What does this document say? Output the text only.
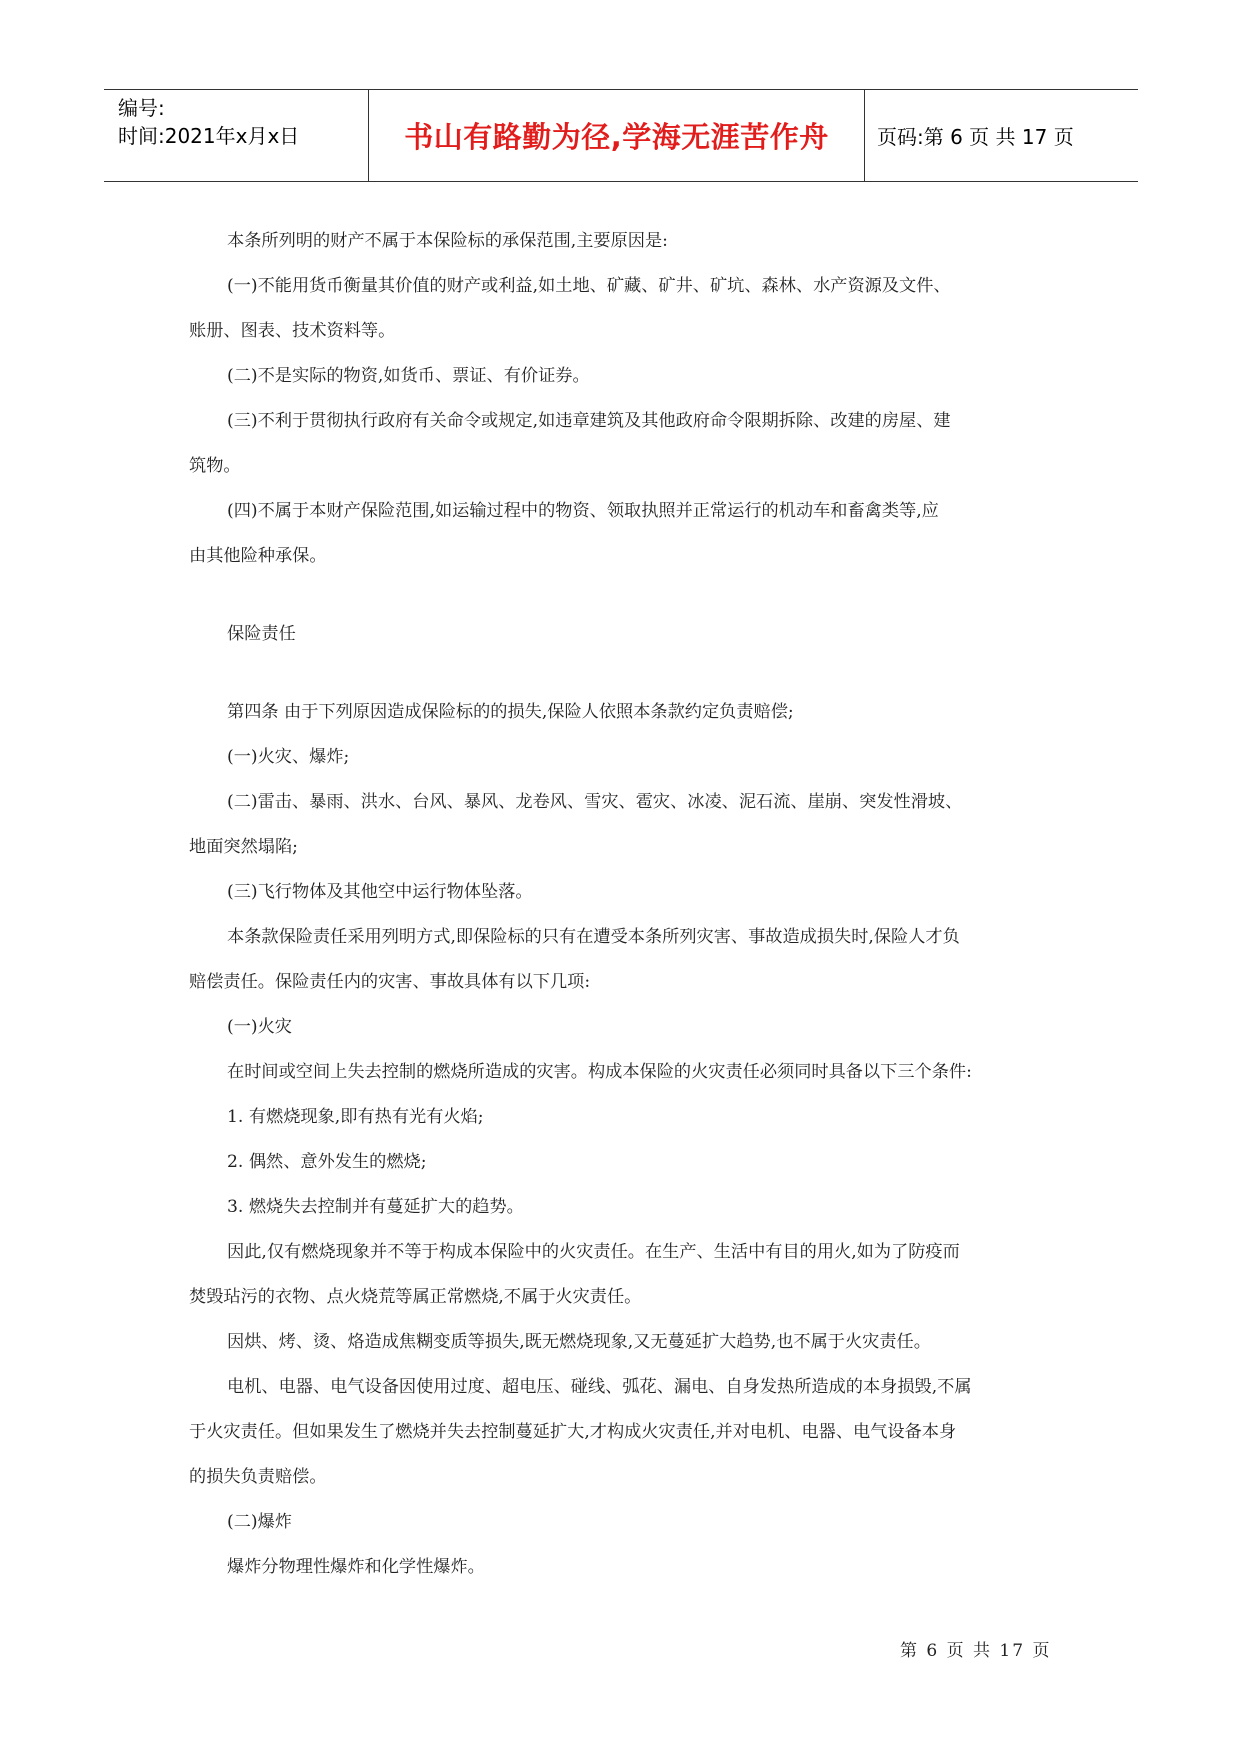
编号:
时间:2021年x月x日	书山有路勤为径,学海无涯苦作舟	页码:第 6 页 共 17 页

本条所列明的财产不属于本保险标的承保范围,主要原因是:

(一)不能用货币衡量其价值的财产或利益,如土地、矿藏、矿井、矿坑、森林、水产资源及文件、

账册、图表、技术资料等。

(二)不是实际的物资,如货币、票证、有价证券。

(三)不利于贯彻执行政府有关命令或规定,如违章建筑及其他政府命令限期拆除、改建的房屋、建

筑物。

(四)不属于本财产保险范围,如运输过程中的物资、领取执照并正常运行的机动车和畜禽类等,应

由其他险种承保。

保险责任

第四条 由于下列原因造成保险标的的损失,保险人依照本条款约定负责赔偿;

(一)火灾、爆炸;

(二)雷击、暴雨、洪水、台风、暴风、龙卷风、雪灾、雹灾、冰凌、泥石流、崖崩、突发性滑坡、

地面突然塌陷;

(三)飞行物体及其他空中运行物体坠落。

本条款保险责任采用列明方式,即保险标的只有在遭受本条所列灾害、事故造成损失时,保险人才负

赔偿责任。保险责任内的灾害、事故具体有以下几项:

(一)火灾

在时间或空间上失去控制的燃烧所造成的灾害。构成本保险的火灾责任必须同时具备以下三个条件:

1. 有燃烧现象,即有热有光有火焰;

2. 偶然、意外发生的燃烧;

3. 燃烧失去控制并有蔓延扩大的趋势。

因此,仅有燃烧现象并不等于构成本保险中的火灾责任。在生产、生活中有目的用火,如为了防疫而

焚毁玷污的衣物、点火烧荒等属正常燃烧,不属于火灾责任。

因烘、烤、烫、烙造成焦糊变质等损失,既无燃烧现象,又无蔓延扩大趋势,也不属于火灾责任。

电机、电器、电气设备因使用过度、超电压、碰线、弧花、漏电、自身发热所造成的本身损毁,不属

于火灾责任。但如果发生了燃烧并失去控制蔓延扩大,才构成火灾责任,并对电机、电器、电气设备本身

的损失负责赔偿。

(二)爆炸

爆炸分物理性爆炸和化学性爆炸。

第 6 页 共 17 页
